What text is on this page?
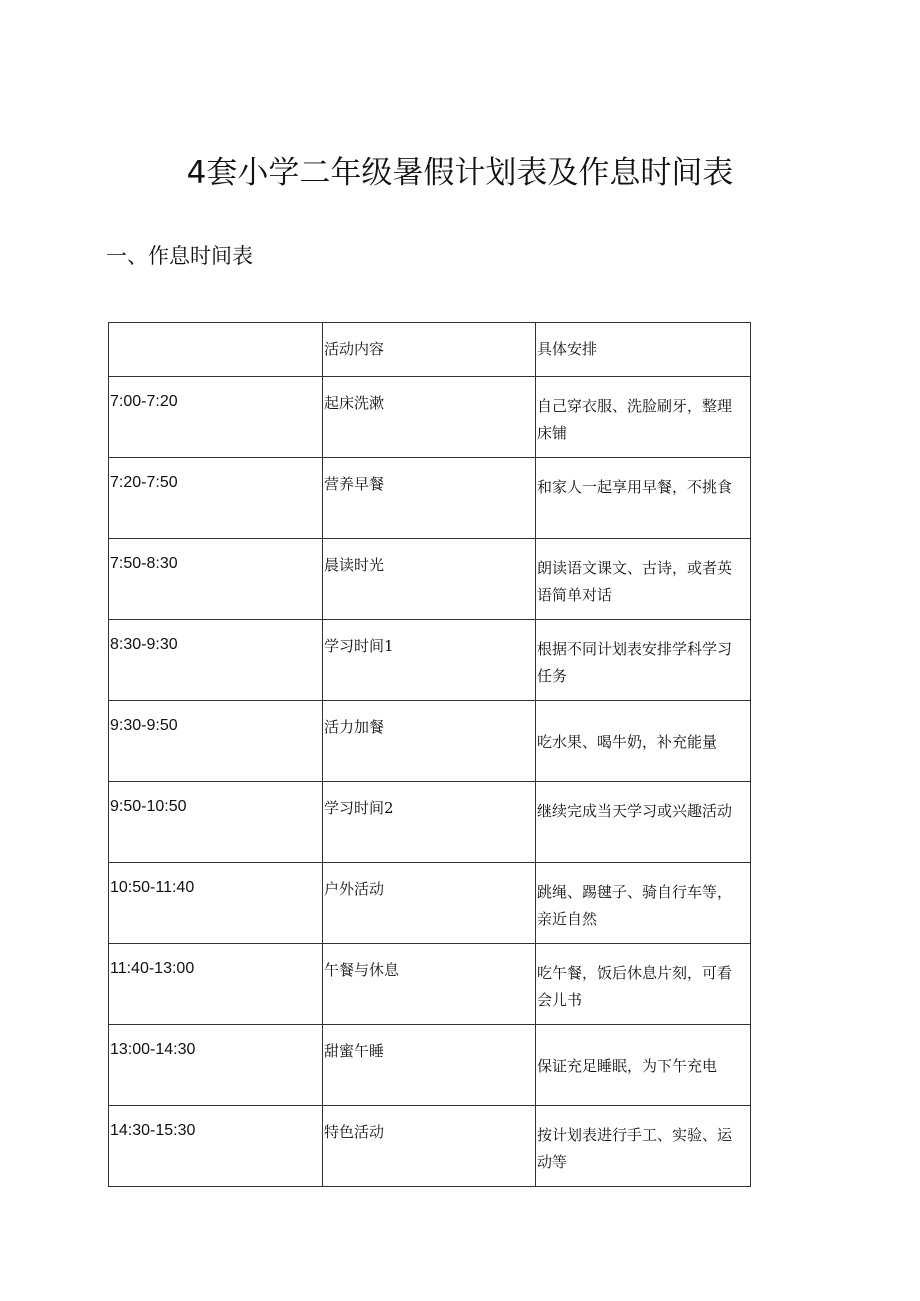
4套小学二年级暑假计划表及作息时间表
一、作息时间表

	活动内容	具体安排

7:00-7:20	起床洗漱	自己穿衣服、洗脸刷牙，整理床铺

7:20-7:50	营养早餐	和家人一起享用早餐，不挑食

7:50-8:30	晨读时光	朗读语文课文、古诗，或者英语简单对话

8:30-9:30	学习时间1	根据不同计划表安排学科学习任务

9:30-9:50	活力加餐	吃水果、喝牛奶，补充能量

9:50-10:50	学习时间2	继续完成当天学习或兴趣活动

10:50-11:40	户外活动	跳绳、踢毽子、骑自行车等，亲近自然

11:40-13:00	午餐与休息	吃午餐，饭后休息片刻，可看会儿书

13:00-14:30	甜蜜午睡	保证充足睡眠，为下午充电

14:30-15:30	特色活动	按计划表进行手工、实验、运动等
